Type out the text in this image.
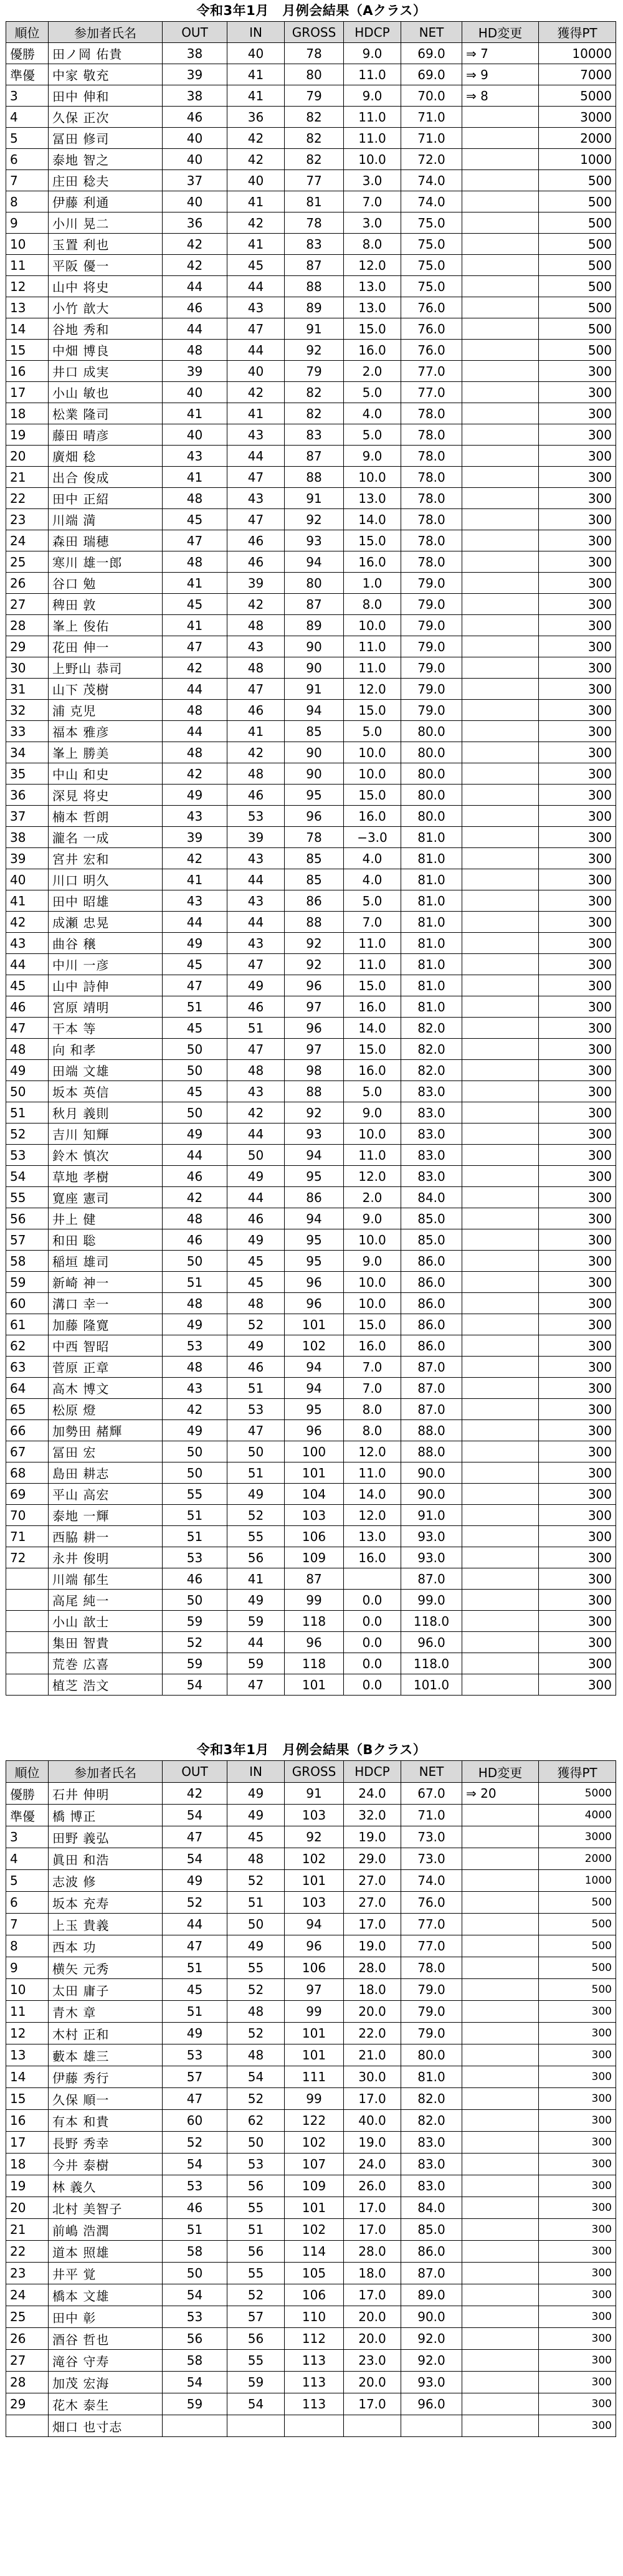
令和3年1月　月例会結果（Aクラス）
順位	参加者氏名	OUT	IN	GROSS	HDCP	NET	HD変更	獲得PT
優勝	田ノ岡 佑貴	38	40	78	9.0	69.0	⇒ 7	10000
準優	中家 敬充	39	41	80	11.0	69.0	⇒ 9	7000
3	田中 伸和	38	41	79	9.0	70.0	⇒ 8	5000
4	久保 正次	46	36	82	11.0	71.0		3000
5	冨田 修司	40	42	82	11.0	71.0		2000
6	泰地 智之	40	42	82	10.0	72.0		1000
7	庄田 稔夫	37	40	77	3.0	74.0		500
8	伊藤 利通	40	41	81	7.0	74.0		500
9	小川 晃二	36	42	78	3.0	75.0		500
10	玉置 利也	42	41	83	8.0	75.0		500
11	平阪 優一	42	45	87	12.0	75.0		500
12	山中 将史	44	44	88	13.0	75.0		500
13	小竹 歆大	46	43	89	13.0	76.0		500
14	谷地 秀和	44	47	91	15.0	76.0		500
15	中畑 博良	48	44	92	16.0	76.0		500
16	井口 成実	39	40	79	2.0	77.0		300
17	小山 敏也	40	42	82	5.0	77.0		300
18	松業 隆司	41	41	82	4.0	78.0		300
19	藤田 晴彦	40	43	83	5.0	78.0		300
20	廣畑 稔	43	44	87	9.0	78.0		300
21	出合 俊成	41	47	88	10.0	78.0		300
22	田中 正紹	48	43	91	13.0	78.0		300
23	川端 満	45	47	92	14.0	78.0		300
24	森田 瑞穂	47	46	93	15.0	78.0		300
25	寒川 雄一郎	48	46	94	16.0	78.0		300
26	谷口 勉	41	39	80	1.0	79.0		300
27	稗田 敦	45	42	87	8.0	79.0		300
28	峯上 俊佑	41	48	89	10.0	79.0		300
29	花田 伸一	47	43	90	11.0	79.0		300
30	上野山 恭司	42	48	90	11.0	79.0		300
31	山下 茂樹	44	47	91	12.0	79.0		300
32	浦 克児	48	46	94	15.0	79.0		300
33	福本 雅彦	44	41	85	5.0	80.0		300
34	峯上 勝美	48	42	90	10.0	80.0		300
35	中山 和史	42	48	90	10.0	80.0		300
36	深見 将史	49	46	95	15.0	80.0		300
37	楠本 哲朗	43	53	96	16.0	80.0		300
38	瀧名 一成	39	39	78	−3.0	81.0		300
39	宮井 宏和	42	43	85	4.0	81.0		300
40	川口 明久	41	44	85	4.0	81.0		300
41	田中 昭雄	43	43	86	5.0	81.0		300
42	成瀬 忠晃	44	44	88	7.0	81.0		300
43	曲谷 穣	49	43	92	11.0	81.0		300
44	中川 一彦	45	47	92	11.0	81.0		300
45	山中 詩伸	47	49	96	15.0	81.0		300
46	宮原 靖明	51	46	97	16.0	81.0		300
47	干本 等	45	51	96	14.0	82.0		300
48	向 和孝	50	47	97	15.0	82.0		300
49	田端 文雄	50	48	98	16.0	82.0		300
50	坂本 英信	45	43	88	5.0	83.0		300
51	秋月 義則	50	42	92	9.0	83.0		300
52	吉川 知輝	49	44	93	10.0	83.0		300
53	鈴木 慎次	44	50	94	11.0	83.0		300
54	草地 孝樹	46	49	95	12.0	83.0		300
55	寛座 憲司	42	44	86	2.0	84.0		300
56	井上 健	48	46	94	9.0	85.0		300
57	和田 聡	46	49	95	10.0	85.0		300
58	稲垣 雄司	50	45	95	9.0	86.0		300
59	新崎 神一	51	45	96	10.0	86.0		300
60	溝口 幸一	48	48	96	10.0	86.0		300
61	加藤 隆寛	49	52	101	15.0	86.0		300
62	中西 智昭	53	49	102	16.0	86.0		300
63	菅原 正章	48	46	94	7.0	87.0		300
64	高木 博文	43	51	94	7.0	87.0		300
65	松原 燈	42	53	95	8.0	87.0		300
66	加勢田 赭輝	49	47	96	8.0	88.0		300
67	冨田 宏	50	50	100	12.0	88.0		300
68	島田 耕志	50	51	101	11.0	90.0		300
69	平山 高宏	55	49	104	14.0	90.0		300
70	泰地 一輝	51	52	103	12.0	91.0		300
71	西脇 耕一	51	55	106	13.0	93.0		300
72	永井 俊明	53	56	109	16.0	93.0		300
	川端 郁生	46	41	87		87.0		300
	高尾 純一	50	49	99	0.0	99.0		300
	小山 歆士	59	59	118	0.0	118.0		300
	集田 智貴	52	44	96	0.0	96.0		300
	荒巻 広喜	59	59	118	0.0	118.0		300
	植芝 浩文	54	47	101	0.0	101.0		300
令和3年1月　月例会結果（Bクラス）
順位	参加者氏名	OUT	IN	GROSS	HDCP	NET	HD変更	獲得PT
優勝	石井 伸明	42	49	91	24.0	67.0	⇒ 20	5000
準優	橋 博正	54	49	103	32.0	71.0		4000
3	田野 義弘	47	45	92	19.0	73.0		3000
4	眞田 和浩	54	48	102	29.0	73.0		2000
5	志波 修	49	52	101	27.0	74.0		1000
6	坂本 充寿	52	51	103	27.0	76.0		500
7	上玉 貴義	44	50	94	17.0	77.0		500
8	西本 功	47	49	96	19.0	77.0		500
9	横矢 元秀	51	55	106	28.0	78.0		500
10	太田 庸子	45	52	97	18.0	79.0		500
11	青木 章	51	48	99	20.0	79.0		300
12	木村 正和	49	52	101	22.0	79.0		300
13	藪本 雄三	53	48	101	21.0	80.0		300
14	伊藤 秀行	57	54	111	30.0	81.0		300
15	久保 順一	47	52	99	17.0	82.0		300
16	有本 和貴	60	62	122	40.0	82.0		300
17	長野 秀幸	52	50	102	19.0	83.0		300
18	今井 泰樹	54	53	107	24.0	83.0		300
19	林 義久	53	56	109	26.0	83.0		300
20	北村 美智子	46	55	101	17.0	84.0		300
21	前嶋 浩潤	51	51	102	17.0	85.0		300
22	道本 照雄	58	56	114	28.0	86.0		300
23	井平 覚	50	55	105	18.0	87.0		300
24	橋本 文雄	54	52	106	17.0	89.0		300
25	田中 彰	53	57	110	20.0	90.0		300
26	酒谷 哲也	56	56	112	20.0	92.0		300
27	滝谷 守寿	58	55	113	23.0	92.0		300
28	加茂 宏海	54	59	113	20.0	93.0		300
29	花木 泰生	59	54	113	17.0	96.0		300
	畑口 也寸志							300
